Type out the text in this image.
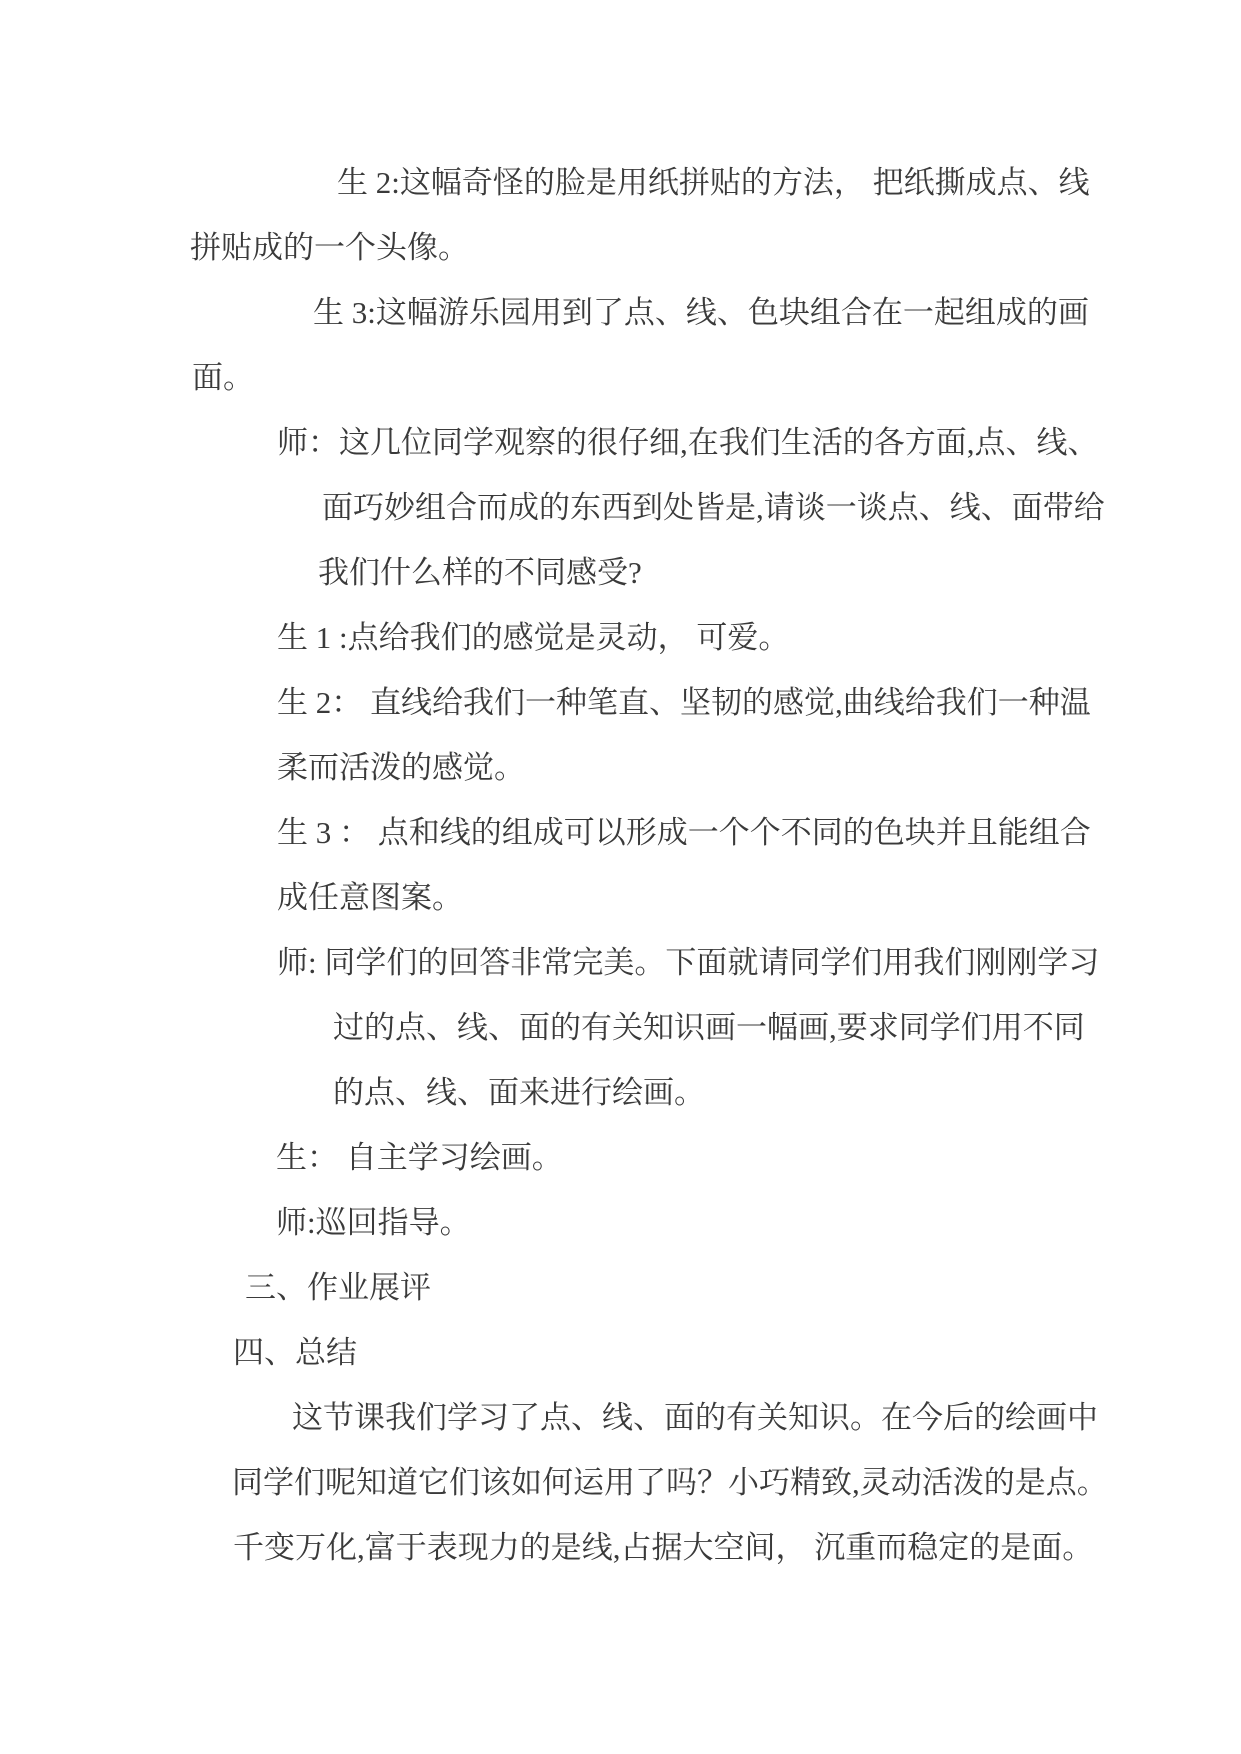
生 2:这幅奇怪的脸是用纸拼贴的方法， 把纸撕成点、线
拼贴成的一个头像。
生 3:这幅游乐园用到了点、线、色块组合在一起组成的画
面。
师：这几位同学观察的很仔细,在我们生活的各方面,点、线、
面巧妙组合而成的东西到处皆是,请谈一谈点、线、面带给
我们什么样的不同感受?
生 1 :点给我们的感觉是灵动， 可爱。
生 2： 直线给我们一种笔直、坚韧的感觉,曲线给我们一种温
柔而活泼的感觉。
生 3 ： 点和线的组成可以形成一个个不同的色块并且能组合
成任意图案。
师: 同学们的回答非常完美。下面就请同学们用我们刚刚学习
过的点、线、面的有关知识画一幅画,要求同学们用不同
的点、线、面来进行绘画。
生： 自主学习绘画。
师:巡回指导。
三、作业展评
四、总结
这节课我们学习了点、线、面的有关知识。在今后的绘画中
同学们呢知道它们该如何运用了吗？小巧精致,灵动活泼的是点。
千变万化,富于表现力的是线,占据大空间， 沉重而稳定的是面。
